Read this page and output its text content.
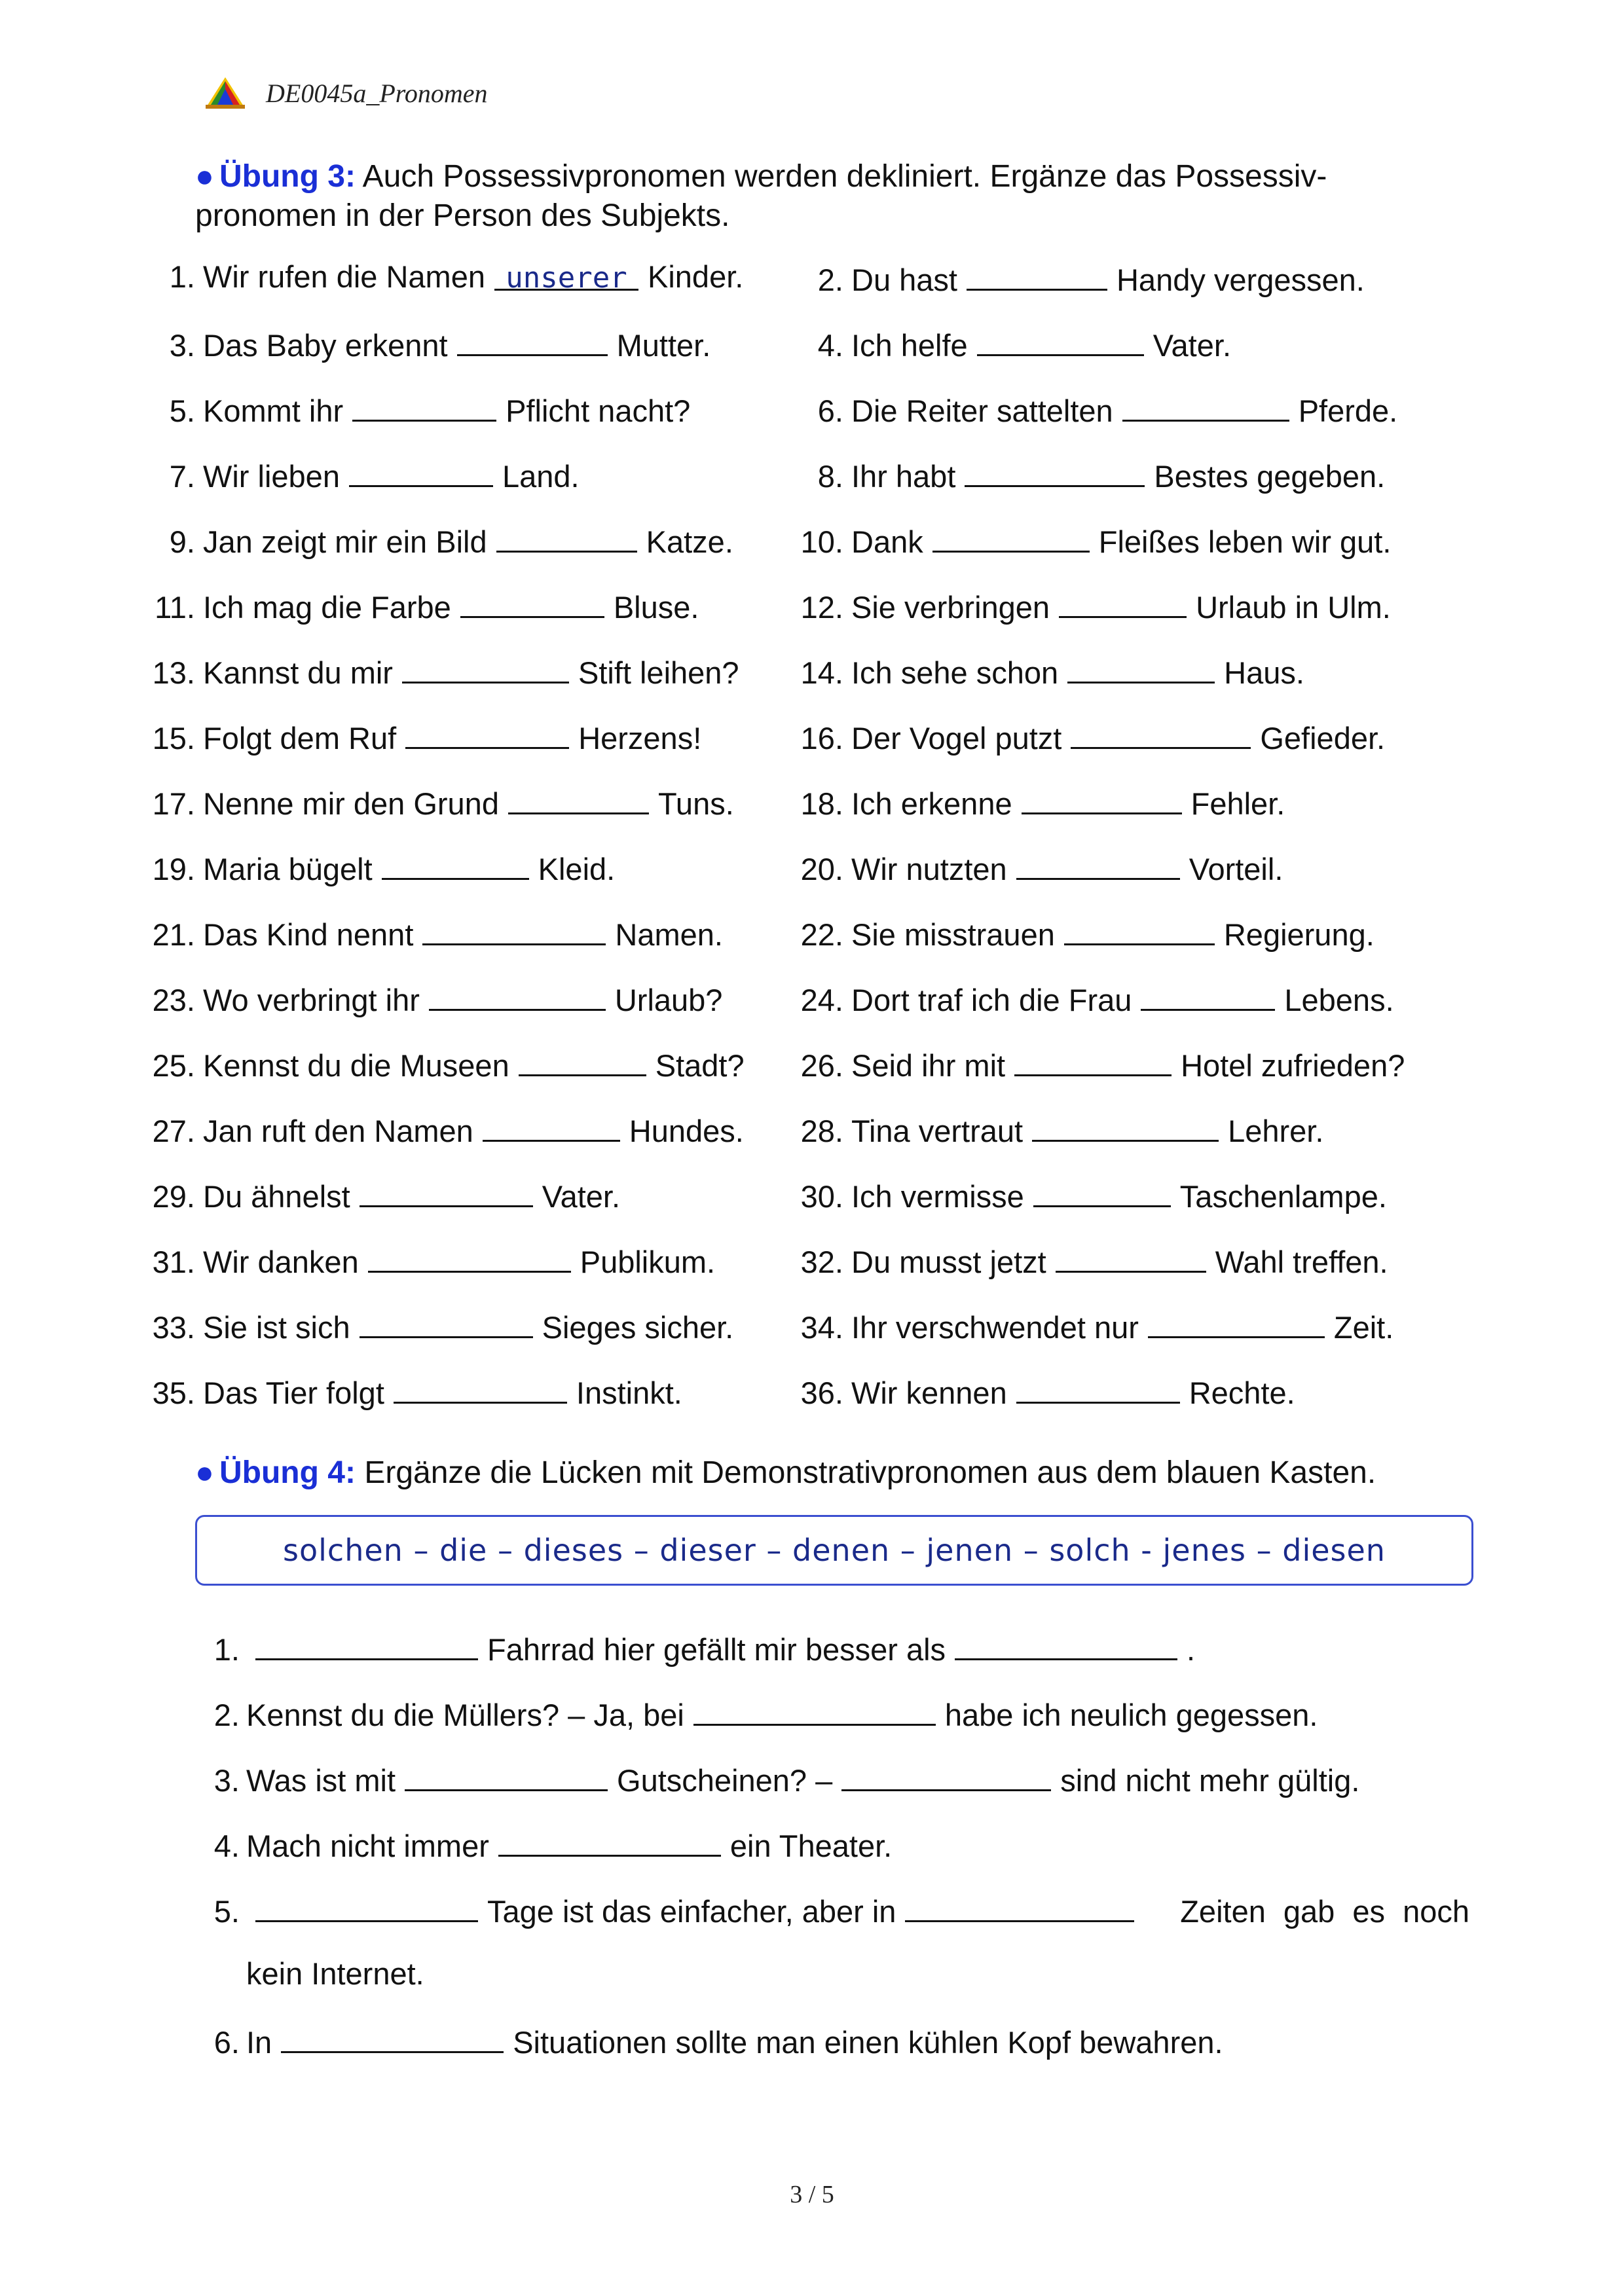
DE0045a_Pronomen
● Übung 3: Auch Possessivpronomen werden dekliniert. Ergänze das Possessiv-
pronomen in der Person des Subjekts.
1. Wir rufen die Namen unserer Kinder.	2. Du hast	Handy vergessen.
3. Das Baby erkennt	Mutter.	4. Ich helfe	Vater.
5. Kommt ihr	Pflicht nacht?	6. Die Reiter sattelten	Pferde.
7. Wir lieben	Land.	8. Ihr habt	Bestes gegeben.
9. Jan zeigt mir ein Bild	Katze. 10. Dank	Fleißes leben wir gut.
11. Ich mag die Farbe	Bluse.	12. Sie verbringen	Urlaub in Ulm.
13. Kannst du mir	Stift leihen? 14. Ich sehe schon	Haus.
15. Folgt dem Ruf	Herzens!	16. Der Vogel putzt	Gefieder.
17. Nenne mir den Grund	Tuns. 18. Ich erkenne	Fehler.
19. Maria bügelt	Kleid.	20. Wir nutzten	Vorteil.
21. Das Kind nennt	Namen.	22. Sie misstrauen	Regierung.
23. Wo verbringt ihr	Urlaub?	24. Dort traf ich die Frau	Lebens.
25. Kennst du die Museen	Stadt? 26. Seid ihr mit	Hotel zufrieden?
27. Jan ruft den Namen	Hundes. 28. Tina vertraut	Lehrer.
29. Du ähnelst	Vater.	30. Ich vermisse	Taschenlampe.
31. Wir danken	Publikum.	32. Du musst jetzt	Wahl treffen.
33. Sie ist sich	Sieges sicher. 34. Ihr verschwendet nur	Zeit.
35. Das Tier folgt	Instinkt.	36. Wir kennen	Rechte.
● Übung 4: Ergänze die Lücken mit Demonstrativpronomen aus dem blauen Kasten.
solchen – die – dieses – dieser – denen – jenen – solch - jenes – diesen
1.	Fahrrad hier gefällt mir besser als	.
2. Kennst du die Müllers? – Ja, bei	habe ich neulich gegessen.
3. Was ist mit	Gutscheinen? –	sind nicht mehr gültig.
4. Mach nicht immer	ein Theater.
5.	Tage ist das einfacher, aber in	Zeiten gab es noch
kein Internet.
6. In	Situationen sollte man einen kühlen Kopf bewahren.
3 / 5
